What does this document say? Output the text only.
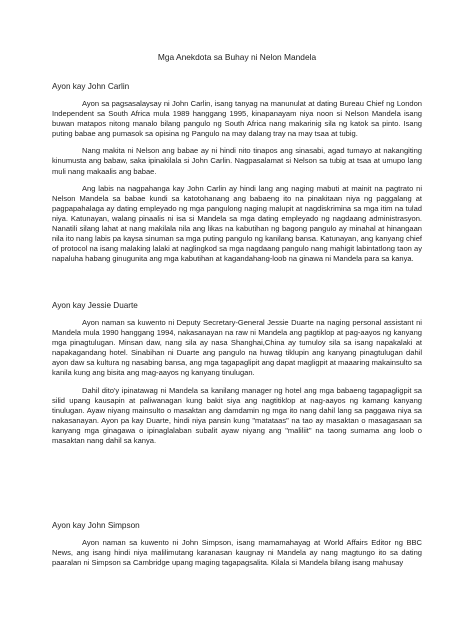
Mga Anekdota sa Buhay ni Nelon Mandela
Ayon kay John Carlin

Ayon sa pagsasalaysay ni John Carlin, isang tanyag na manunulat at dating Bureau Chief ng London Independent sa South Africa mula 1989 hanggang 1995, kinapanayam niya noon si Nelson Mandela isang buwan matapos nitong manalo bilang pangulo ng South Africa nang makarinig sila ng katok sa pinto. Isang puting babae ang pumasok sa opisina ng Pangulo na may dalang tray na may tsaa at tubig.

Nang makita ni Nelson ang babae ay ni hindi nito tinapos ang sinasabi, agad tumayo at nakangiting kinumusta ang babaw, saka ipinakilala si John Carlin. Nagpasalamat si Nelson sa tubig at tsaa at umupo lang muli nang makaalis ang babae.

Ang labis na nagpahanga kay John Carlin ay hindi lang ang naging mabuti at mainit na pagtrato ni Nelson Mandela sa babae kundi sa katotohanang ang babaeng ito na pinakitaan niya ng paggalang at pagpapahalaga ay dating empleyado ng mga pangulong naging malupit at nagdiskrimina sa mga itim na tulad niya. Katunayan, walang pinaalis ni isa si Mandela sa mga dating empleyado ng nagdaang administrasyon. Nanatili silang lahat at nang makilala nila ang likas na kabutihan ng bagong pangulo ay minahal at hinangaan nila ito nang labis pa kaysa sinuman sa mga puting pangulo ng kanilang bansa. Katunayan, ang kanyang chief of protocol na isang malaking lalaki at naglingkod sa mga nagdaang pangulo nang mahigit labintatlong taon ay napaluha habang ginugunita ang mga kabutihan at kagandahang-loob na ginawa ni Mandela para sa kanya.

Ayon kay Jessie Duarte

Ayon naman sa kuwento ni Deputy Secretary-General Jessie Duarte na naging personal assistant ni Mandela mula 1990 hanggang 1994, nakasanayan na raw ni Mandela ang pagtiklop at pag-aayos ng kanyang mga pinagtulugan. Minsan daw, nang sila ay nasa Shanghai,China ay tumuloy sila sa isang napakalaki at napakagandang hotel. Sinabihan ni Duarte ang pangulo na huwag tiklupin ang kanyang pinagtulugan dahil ayon daw sa kultura ng nasabing bansa, ang mga tagapaglipit ang dapat magligpit at maaaring makainsulto sa kanila kung ang bisita ang mag-aayos ng kanyang tinulugan.

Dahil dito'y ipinatawag ni Mandela sa kanilang manager ng hotel ang mga babaeng tagapagligpit sa silid upang kausapin at paliwanagan kung bakit siya ang nagtitiklop at nag-aayos ng kamang kanyang tinulugan. Ayaw niyang mainsulto o masaktan ang damdamin ng mga ito nang dahil lang sa paggawa niya sa nakasanayan. Ayon pa kay Duarte, hindi niya pansin kung "matataas" na tao ay masaktan o masagasaan sa kanyang mga ginagawa o ipinaglalaban subalit ayaw niyang ang "maliliit" na taong sumama ang loob o masaktan nang dahil sa kanya.

Ayon kay John Simpson

Ayon naman sa kuwento ni John Simpson, isang mamamahayag at World Affairs Editor ng BBC News, ang isang hindi niya malilimutang karanasan kaugnay ni Mandela ay nang magtungo ito sa dating paaralan ni Simpson sa Cambridge upang maging tagapagsalita. Kilala si Mandela bilang isang mahusay
